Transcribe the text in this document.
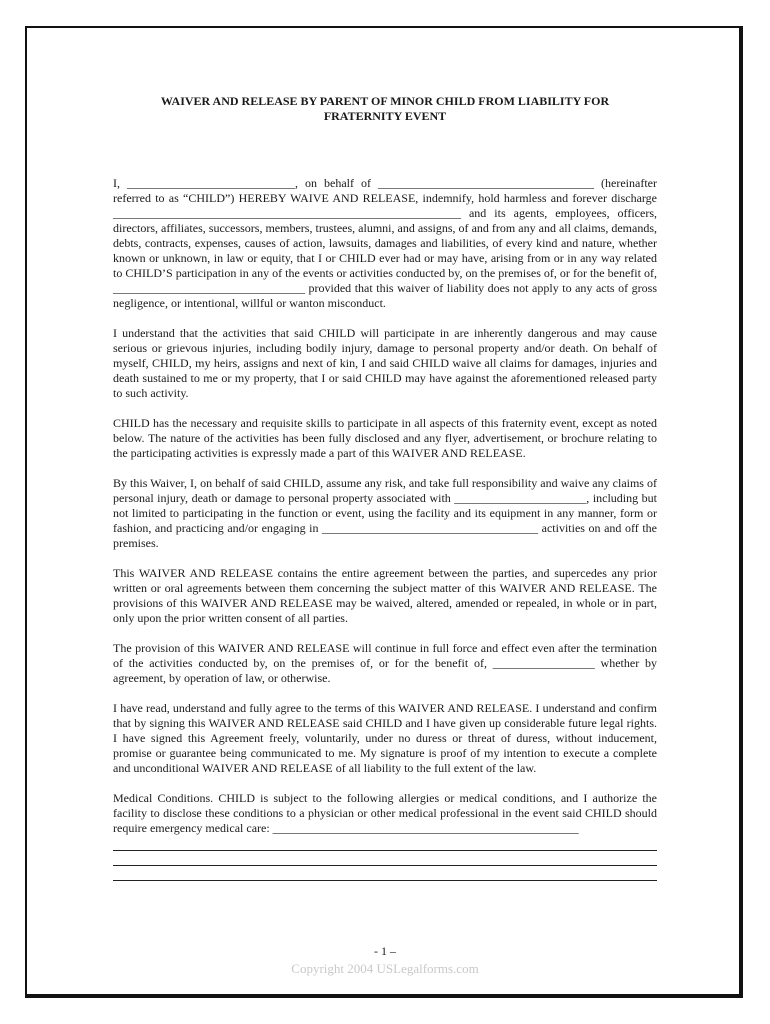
WAIVER AND RELEASE BY PARENT OF MINOR CHILD FROM LIABILITY FOR
FRATERNITY EVENT

I, ____________________________, on behalf of ____________________________________ (hereinafter referred to as “CHILD”) HEREBY WAIVE AND RELEASE, indemnify, hold harmless and forever discharge __________________________________________________________ and its agents, employees, officers, directors, affiliates, successors, members, trustees, alumni, and assigns, of and from any and all claims, demands, debts, contracts, expenses, causes of action, lawsuits, damages and liabilities, of every kind and nature, whether known or unknown, in law or equity, that I or CHILD ever had or may have, arising from or in any way related to CHILD’S participation in any of the events or activities conducted by, on the premises of, or for the benefit of, ________________________________ provided that this waiver of liability does not apply to any acts of gross negligence, or intentional, willful or wanton misconduct.

I understand that the activities that said CHILD will participate in are inherently dangerous and may cause serious or grievous injuries, including bodily injury, damage to personal property and/or death. On behalf of myself, CHILD, my heirs, assigns and next of kin, I and said CHILD waive all claims for damages, injuries and death sustained to me or my property, that I or said CHILD may have against the aforementioned released party to such activity.

CHILD has the necessary and requisite skills to participate in all aspects of this fraternity event, except as noted below. The nature of the activities has been fully disclosed and any flyer, advertisement, or brochure relating to the participating activities is expressly made a part of this WAIVER AND RELEASE.

By this Waiver, I, on behalf of said CHILD, assume any risk, and take full responsibility and waive any claims of personal injury, death or damage to personal property associated with ______________________, including but not limited to participating in the function or event, using the facility and its equipment in any manner, form or fashion, and practicing and/or engaging in ____________________________________ activities on and off the premises.

This WAIVER AND RELEASE contains the entire agreement between the parties, and supercedes any prior written or oral agreements between them concerning the subject matter of this WAIVER AND RELEASE. The provisions of this WAIVER AND RELEASE may be waived, altered, amended or repealed, in whole or in part, only upon the prior written consent of all parties.

The provision of this WAIVER AND RELEASE will continue in full force and effect even after the termination of the activities conducted by, on the premises of, or for the benefit of, _________________ whether by agreement, by operation of law, or otherwise.

I have read, understand and fully agree to the terms of this WAIVER AND RELEASE. I understand and confirm that by signing this WAIVER AND RELEASE said CHILD and I have given up considerable future legal rights. I have signed this Agreement freely, voluntarily, under no duress or threat of duress, without inducement, promise or guarantee being communicated to me. My signature is proof of my intention to execute a complete and unconditional WAIVER AND RELEASE of all liability to the full extent of the law.

Medical Conditions. CHILD is subject to the following allergies or medical conditions, and I authorize the facility to disclose these conditions to a physician or other medical professional in the event said CHILD should require emergency medical care: ___________________________________________________

- 1 –
Copyright 2004 USLegalforms.com
